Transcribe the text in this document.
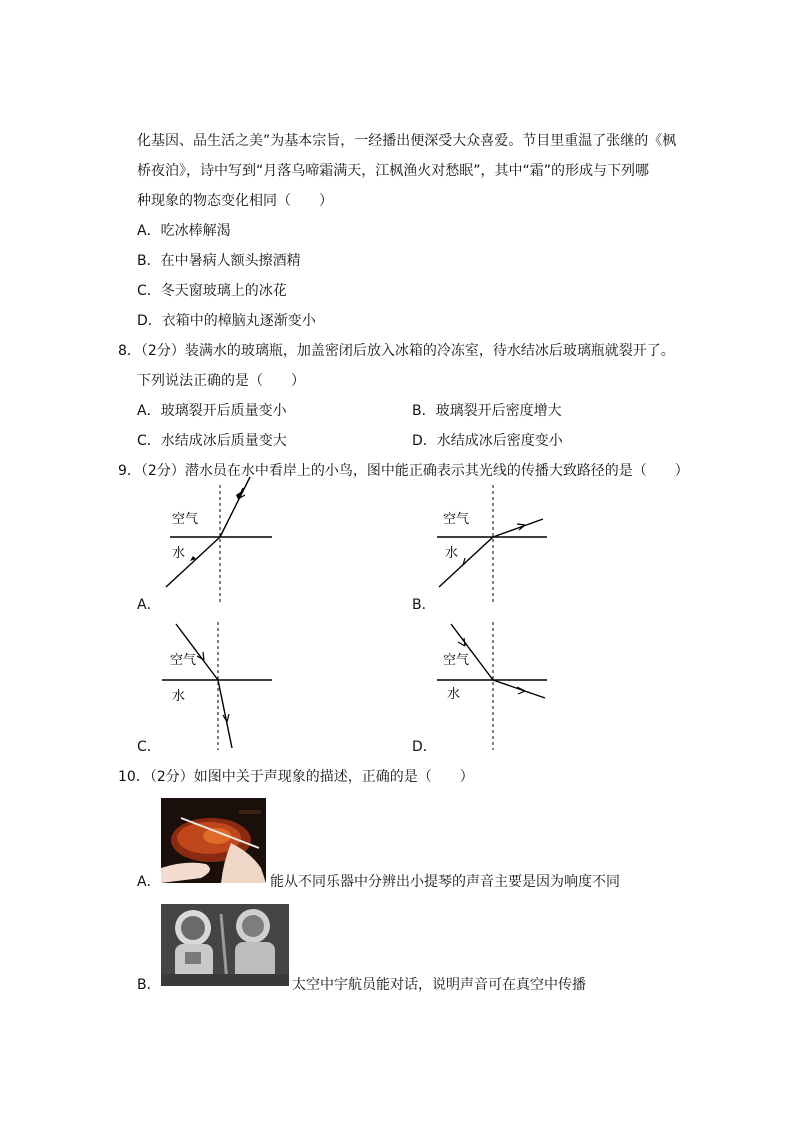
化基因、品生活之美”为基本宗旨，一经播出便深受大众喜爱。节目里重温了张继的《枫
桥夜泊》，诗中写到“月落乌啼霜满天，江枫渔火对愁眠”，其中“霜”的形成与下列哪
种现象的物态变化相同（　　）
A．吃冰棒解渴
B．在中暑病人额头擦酒精
C．冬天窗玻璃上的冰花
D．衣箱中的樟脑丸逐渐变小
8．（2分）装满水的玻璃瓶，加盖密闭后放入冰箱的冷冻室，待水结冰后玻璃瓶就裂开了。
下列说法正确的是（　　）
A．玻璃裂开后质量变小	B．玻璃裂开后密度增大
C．水结成冰后质量变大	D．水结成冰后密度变小
9．（2分）潜水员在水中看岸上的小鸟，图中能正确表示其光线的传播大致路径的是（　　）
空气
水
A．
空气
水
B．
空气
水
C．
空气
水
D．
10．（2分）如图中关于声现象的描述，正确的是（　　）
A．	能从不同乐器中分辨出小提琴的声音主要是因为响度不同
B．	太空中宇航员能对话，说明声音可在真空中传播
